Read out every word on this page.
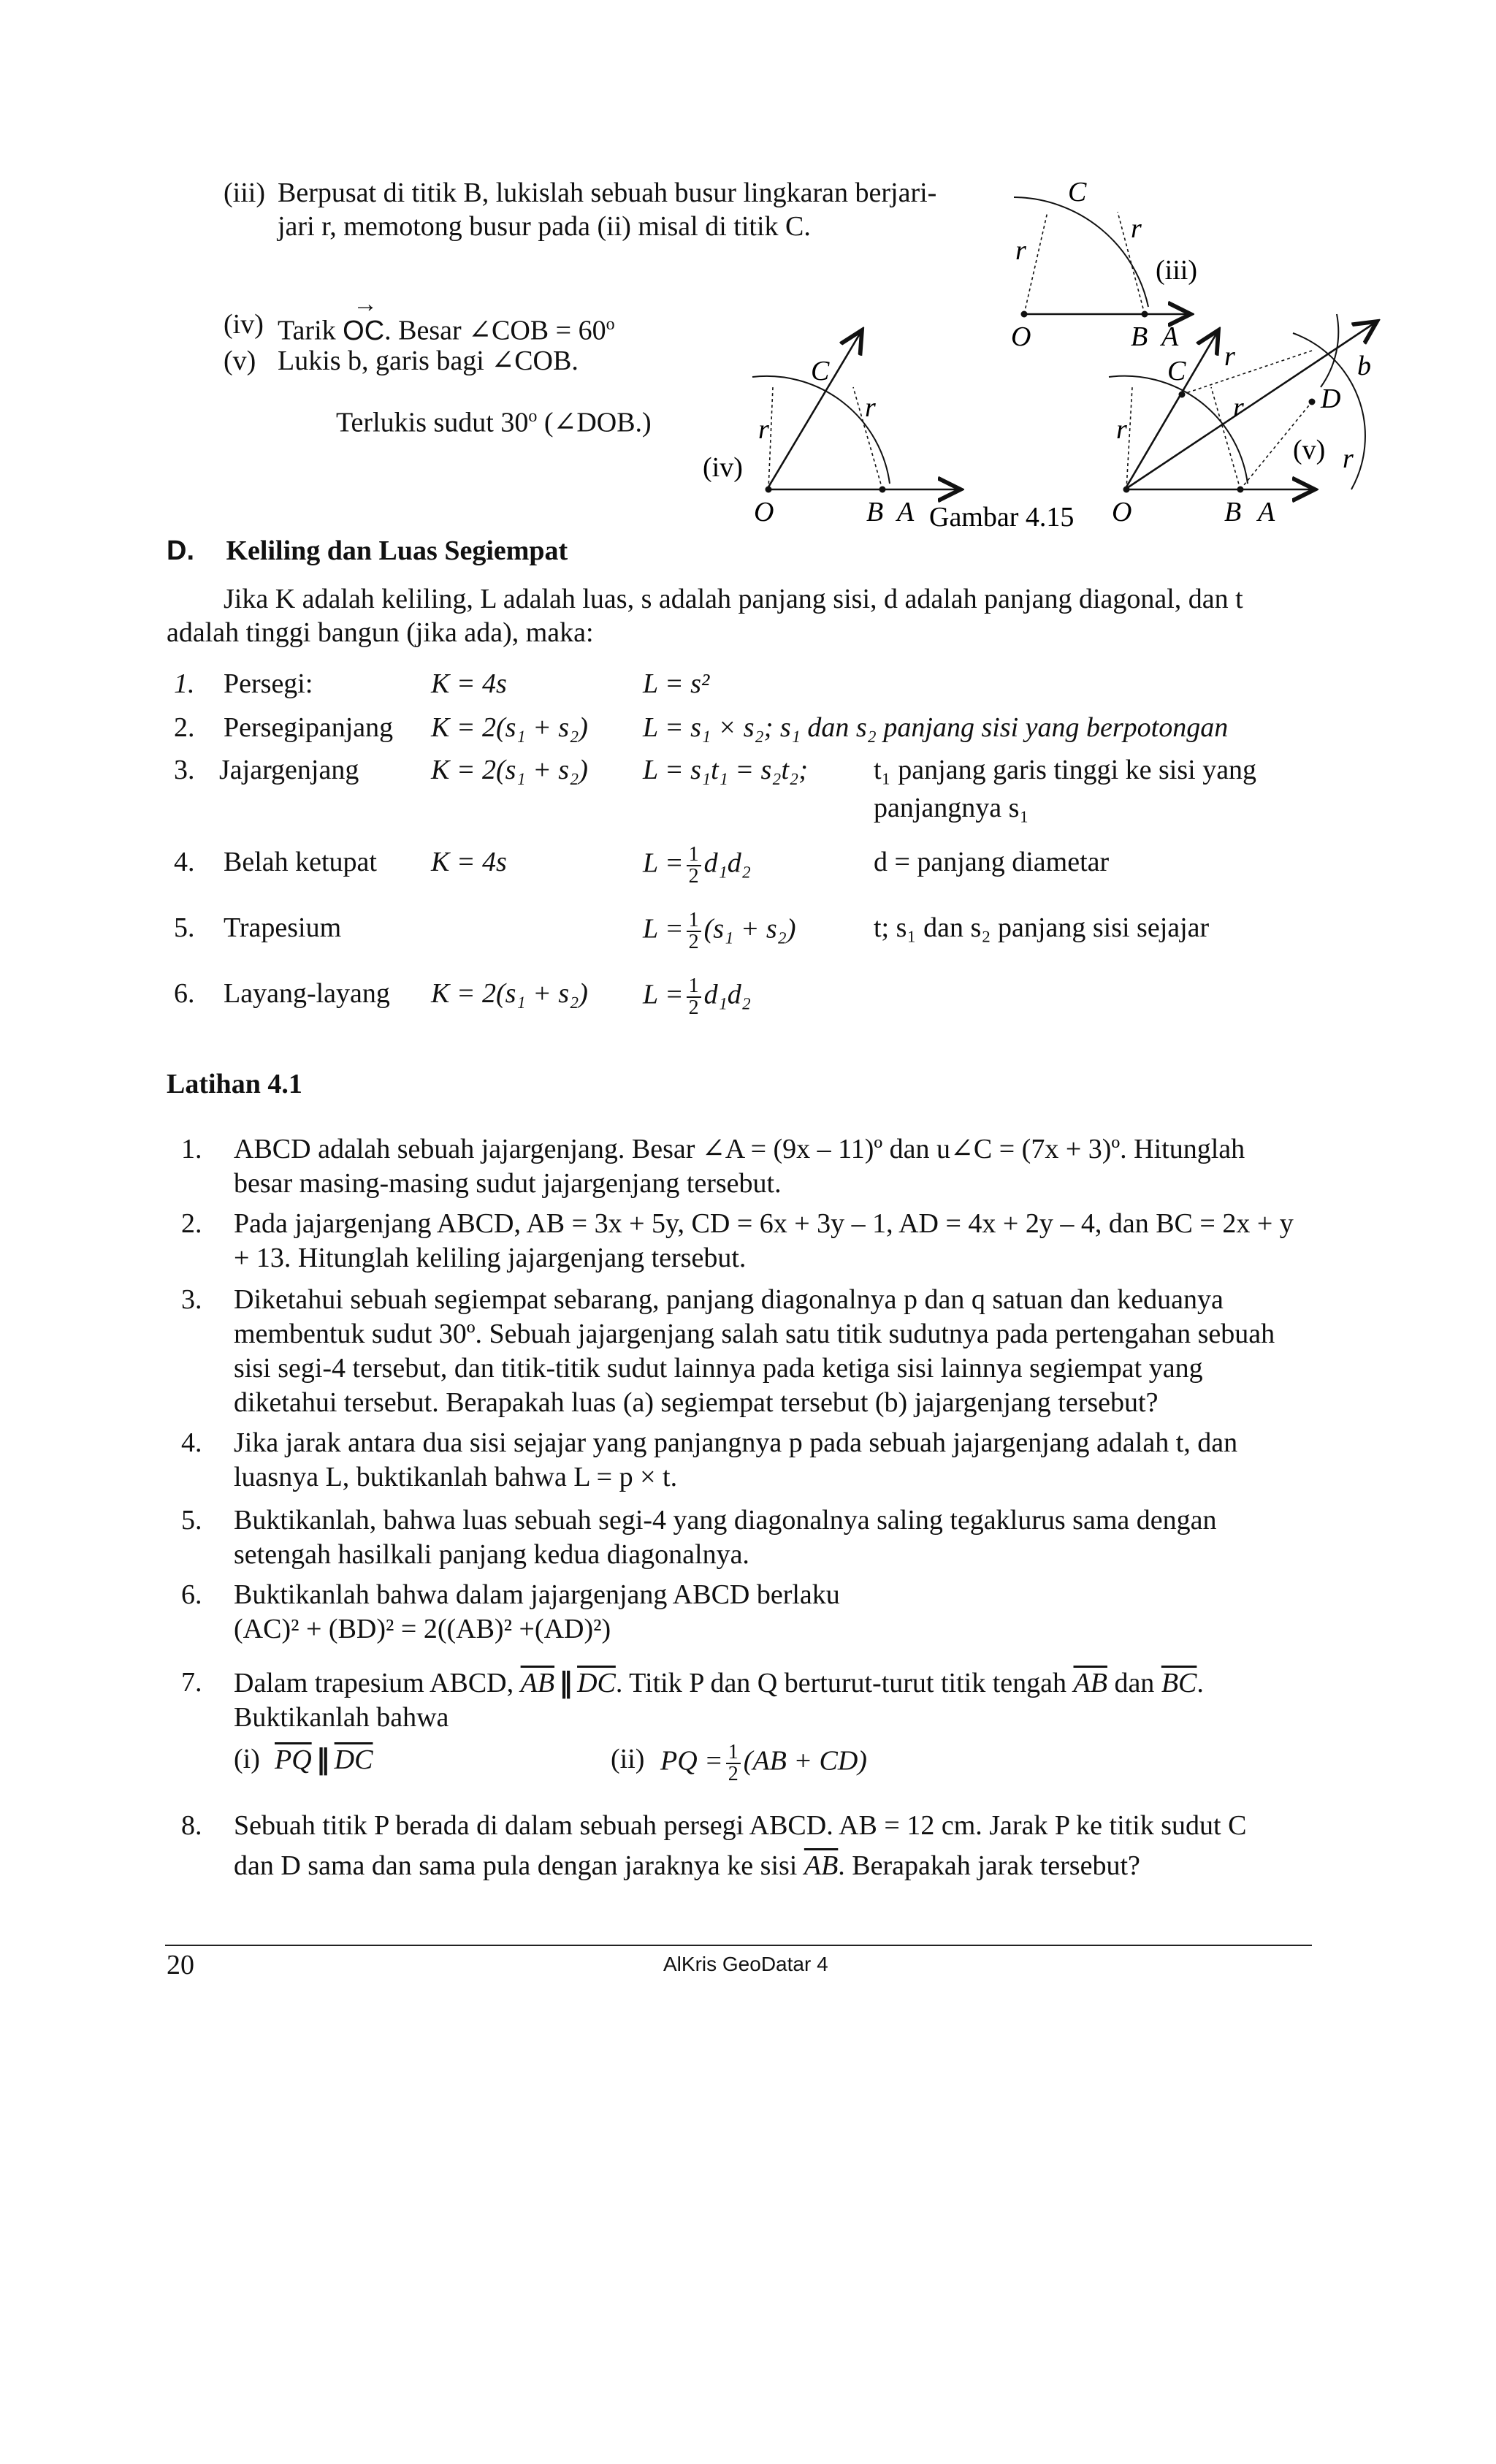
(iii) Berpusat di titik B, lukislah sebuah busur lingkaran berjari-
jari r, memotong busur pada (ii) misal di titik C.
(iv) Tarik OC
→
. Besar ∠COB = $60^o$
(v) Lukis b, garis bagi ∠COB.
Terlukis sudut 30$^o$ (∠DOB.)
C
r
r
(iii)
O	B A
C
r
r
(iv)
O	B A Gambar 4.15
C
r
r
r
r
b
D
(v)
O	B A
D. Keliling dan Luas Segiempat
Jika K adalah keliling, L adalah luas, s adalah panjang sisi, d adalah panjang diagonal, dan t
adalah tinggi bangun (jika ada), maka:
1. Persegi:	K = 4s	L = s²
2. Persegipanjang K = 2(s₁ + s₂) L = s₁ × s₂; s₁ dan s₂ panjang sisi yang berpotongan
3. Jajargenjang	K = 2(s₁ + s₂) L = s₁t₁ = s₂t₂; t₁ panjang garis tinggi ke sisi yang
panjangnya s₁
4. Belah ketupat K = 4s	$L = \frac{1}{2} d_1d_2$	d = panjang diametar
5. Trapesium	$L = \frac{1}{2} (s_1 + s_2)$	t; s₁ dan s₂ panjang sisi sejajar
6. Layang-layang K = 2(s₁ + s₂) $L = \frac{1}{2} d_1d_2$
Latihan 4.1
1. ABCD adalah sebuah jajargenjang. Besar ∠A = (9x – 11)º dan u∠C = (7x + 3)º. Hitunglah
besar masing-masing sudut jajargenjang tersebut.
2. Pada jajargenjang ABCD, AB = 3x + 5y, CD = 6x + 3y – 1, AD = 4x + 2y – 4, dan BC = 2x + y
+ 13. Hitunglah keliling jajargenjang tersebut.
3. Diketahui sebuah segiempat sebarang, panjang diagonalnya p dan q satuan dan keduanya
membentuk sudut 30º. Sebuah jajargenjang salah satu titik sudutnya pada pertengahan sebuah
sisi segi-4 tersebut, dan titik-titik sudut lainnya pada ketiga sisi lainnya segiempat yang
diketahui tersebut. Berapakah luas (a) segiempat tersebut (b) jajargenjang tersebut?
4. Jika jarak antara dua sisi sejajar yang panjangnya p pada sebuah jajargenjang adalah t, dan
luasnya L, buktikanlah bahwa L = p × t.
5. Buktikanlah, bahwa luas sebuah segi-4 yang diagonalnya saling tegaklurus sama dengan
setengah hasilkali panjang kedua diagonalnya.
6. Buktikanlah bahwa dalam jajargenjang ABCD berlaku
(AC)² + (BD)² = 2((AB)² +(AD)²)
7. Dalam trapesium ABCD, $\overline{AB}$ ‖ $\overline{DC}$. Titik P dan Q berturut-turut titik tengah $\overline{AB}$ dan $\overline{BC}$.
Buktikanlah bahwa
(i) $\overline{PQ}$ ‖ $\overline{DC}$	(ii) PQ = $\frac{1}{2} (AB + CD)$
8. Sebuah titik P berada di dalam sebuah persegi ABCD. AB = 12 cm. Jarak P ke titik sudut C
dan D sama dan sama pula dengan jaraknya ke sisi $\overline{AB}$. Berapakah jarak tersebut?
20	AlKris GeoDatar 4
